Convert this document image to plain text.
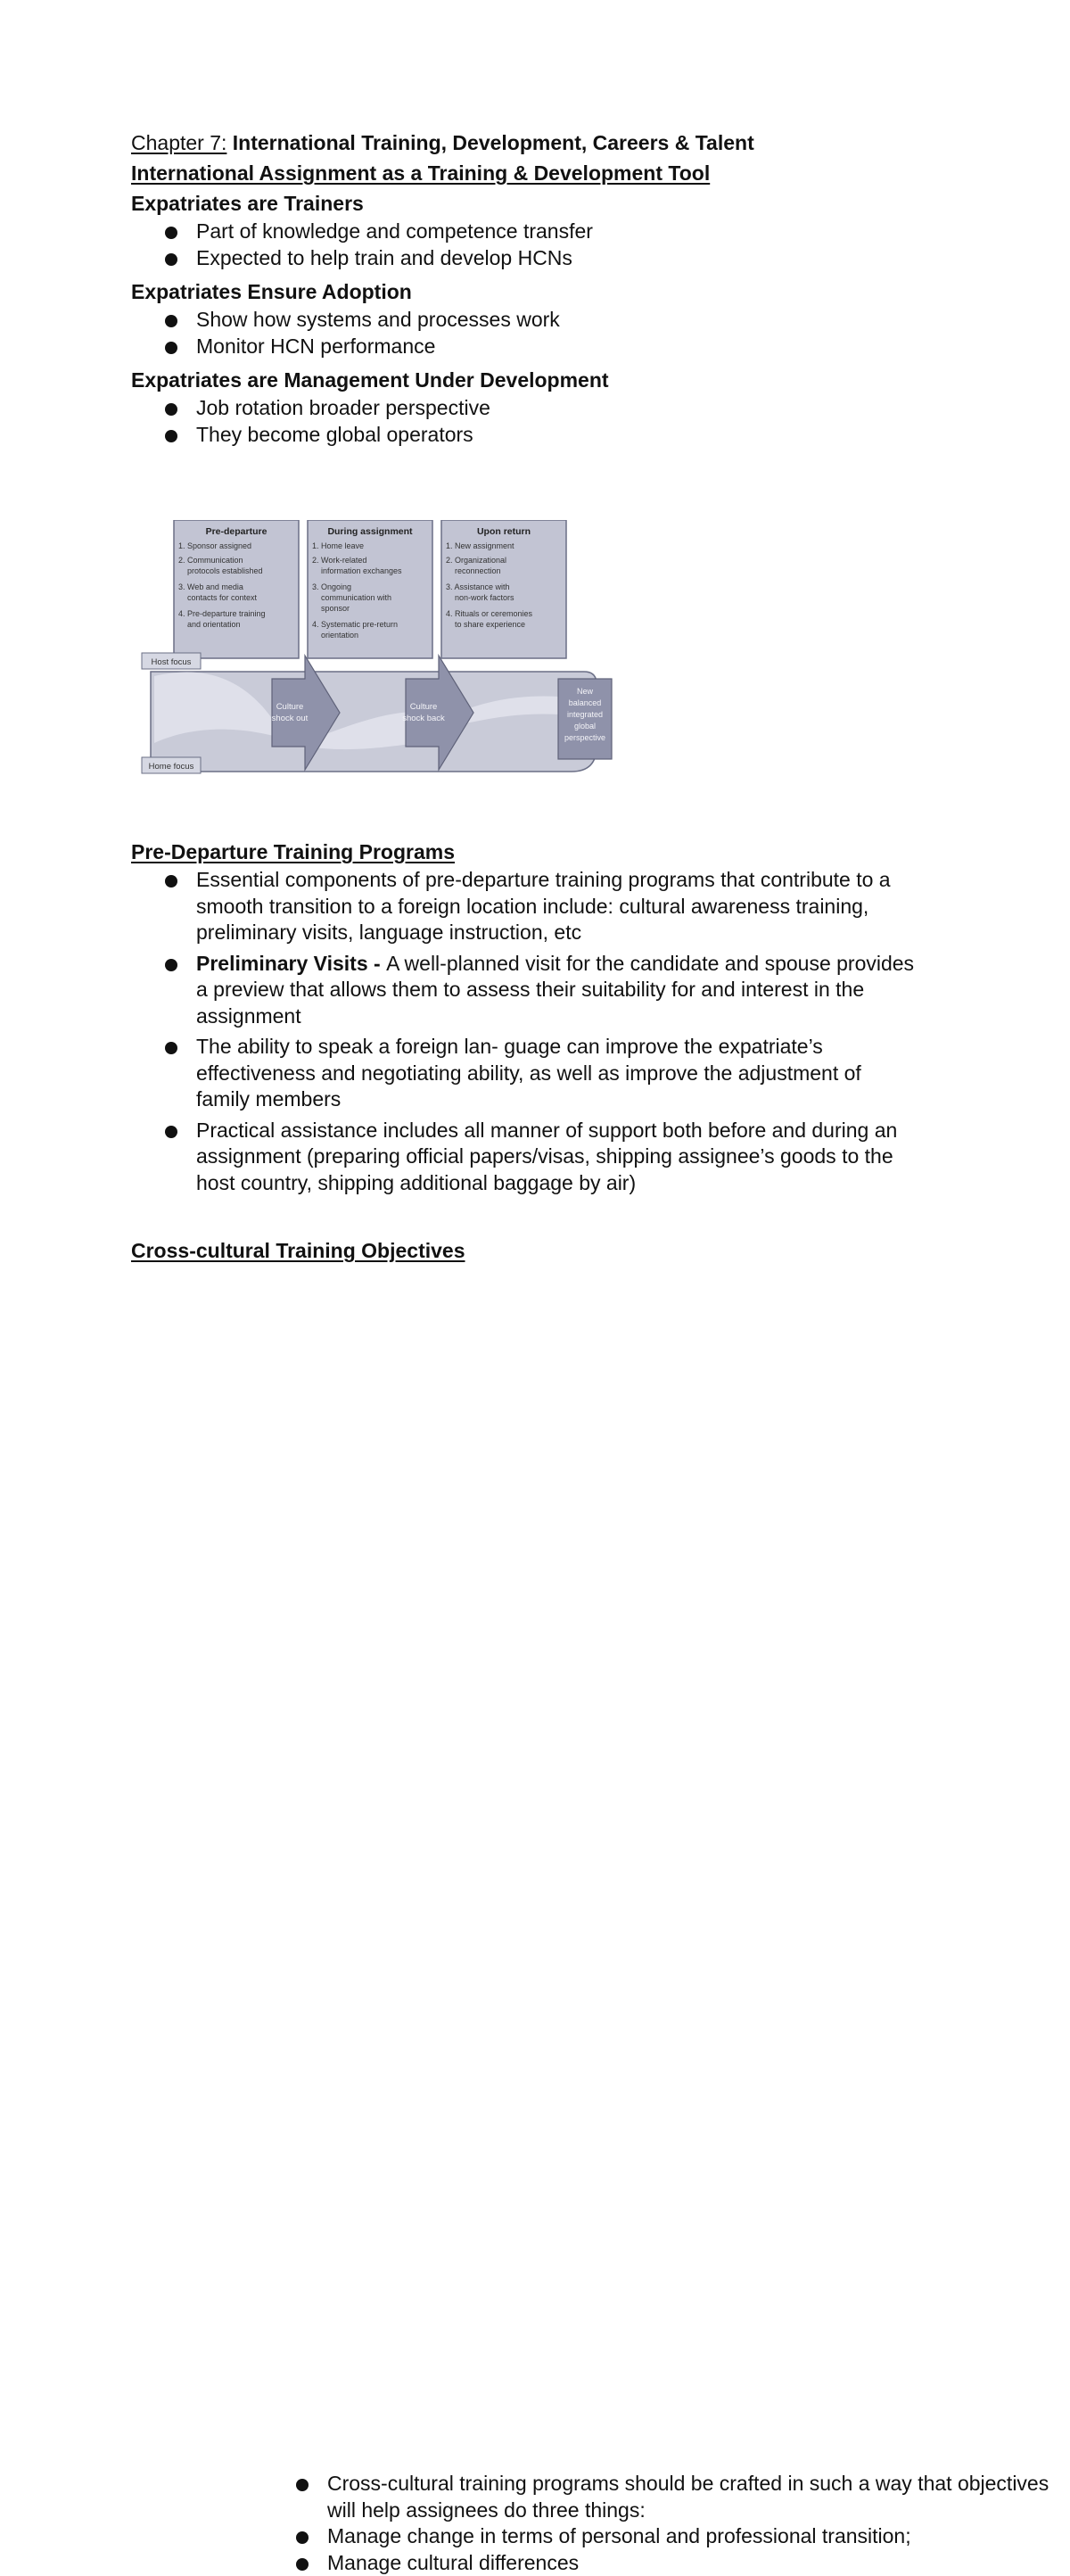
Chapter 7: International Training, Development, Careers & Talent
International Assignment as a Training & Development Tool
Expatriates are Trainers
Part of knowledge and competence transfer
Expected to help train and develop HCNs
Expatriates Ensure Adoption
Show how systems and processes work
Monitor HCN performance
Expatriates are Management Under Development
Job rotation broader perspective
They become global operators
Pre-departure	During assignment	Upon return
1. Sponsor assigned
2. Communication
protocols established
3. Web and media
contacts for context
4. Pre-departure training
and orientation
1. Home leave
2. Work-related
information exchanges
3. Ongoing
communication with
sponsor
4. Systematic pre-return
orientation
1. New assignment
2. Organizational
reconnection
3. Assistance with
non-work factors
4. Rituals or ceremonies
to share experience
Culture
shock out
Culture
shock back
New
balanced
integrated
global
perspective
Host focus
Home focus
Pre-Departure Training Programs
Essential components of pre-departure training programs that contribute to a
smooth transition to a foreign location include: cultural awareness training,
preliminary visits, language instruction, etc
Preliminary Visits - A well-planned visit for the candidate and spouse provides
a preview that allows them to assess their suitability for and interest in the
assignment
The ability to speak a foreign lan- guage can improve the expatriate’s
effectiveness and negotiating ability, as well as improve the adjustment of
family members
Practical assistance includes all manner of support both before and during an
assignment (preparing official papers/visas, shipping assignee’s goods to the
host country, shipping additional baggage by air)
Cross-cultural Training Objectives
Cross-cultural training programs should be crafted in such a way that objectives
will help assignees do three things:
Manage change in terms of personal and professional transition;
Manage cultural differences
